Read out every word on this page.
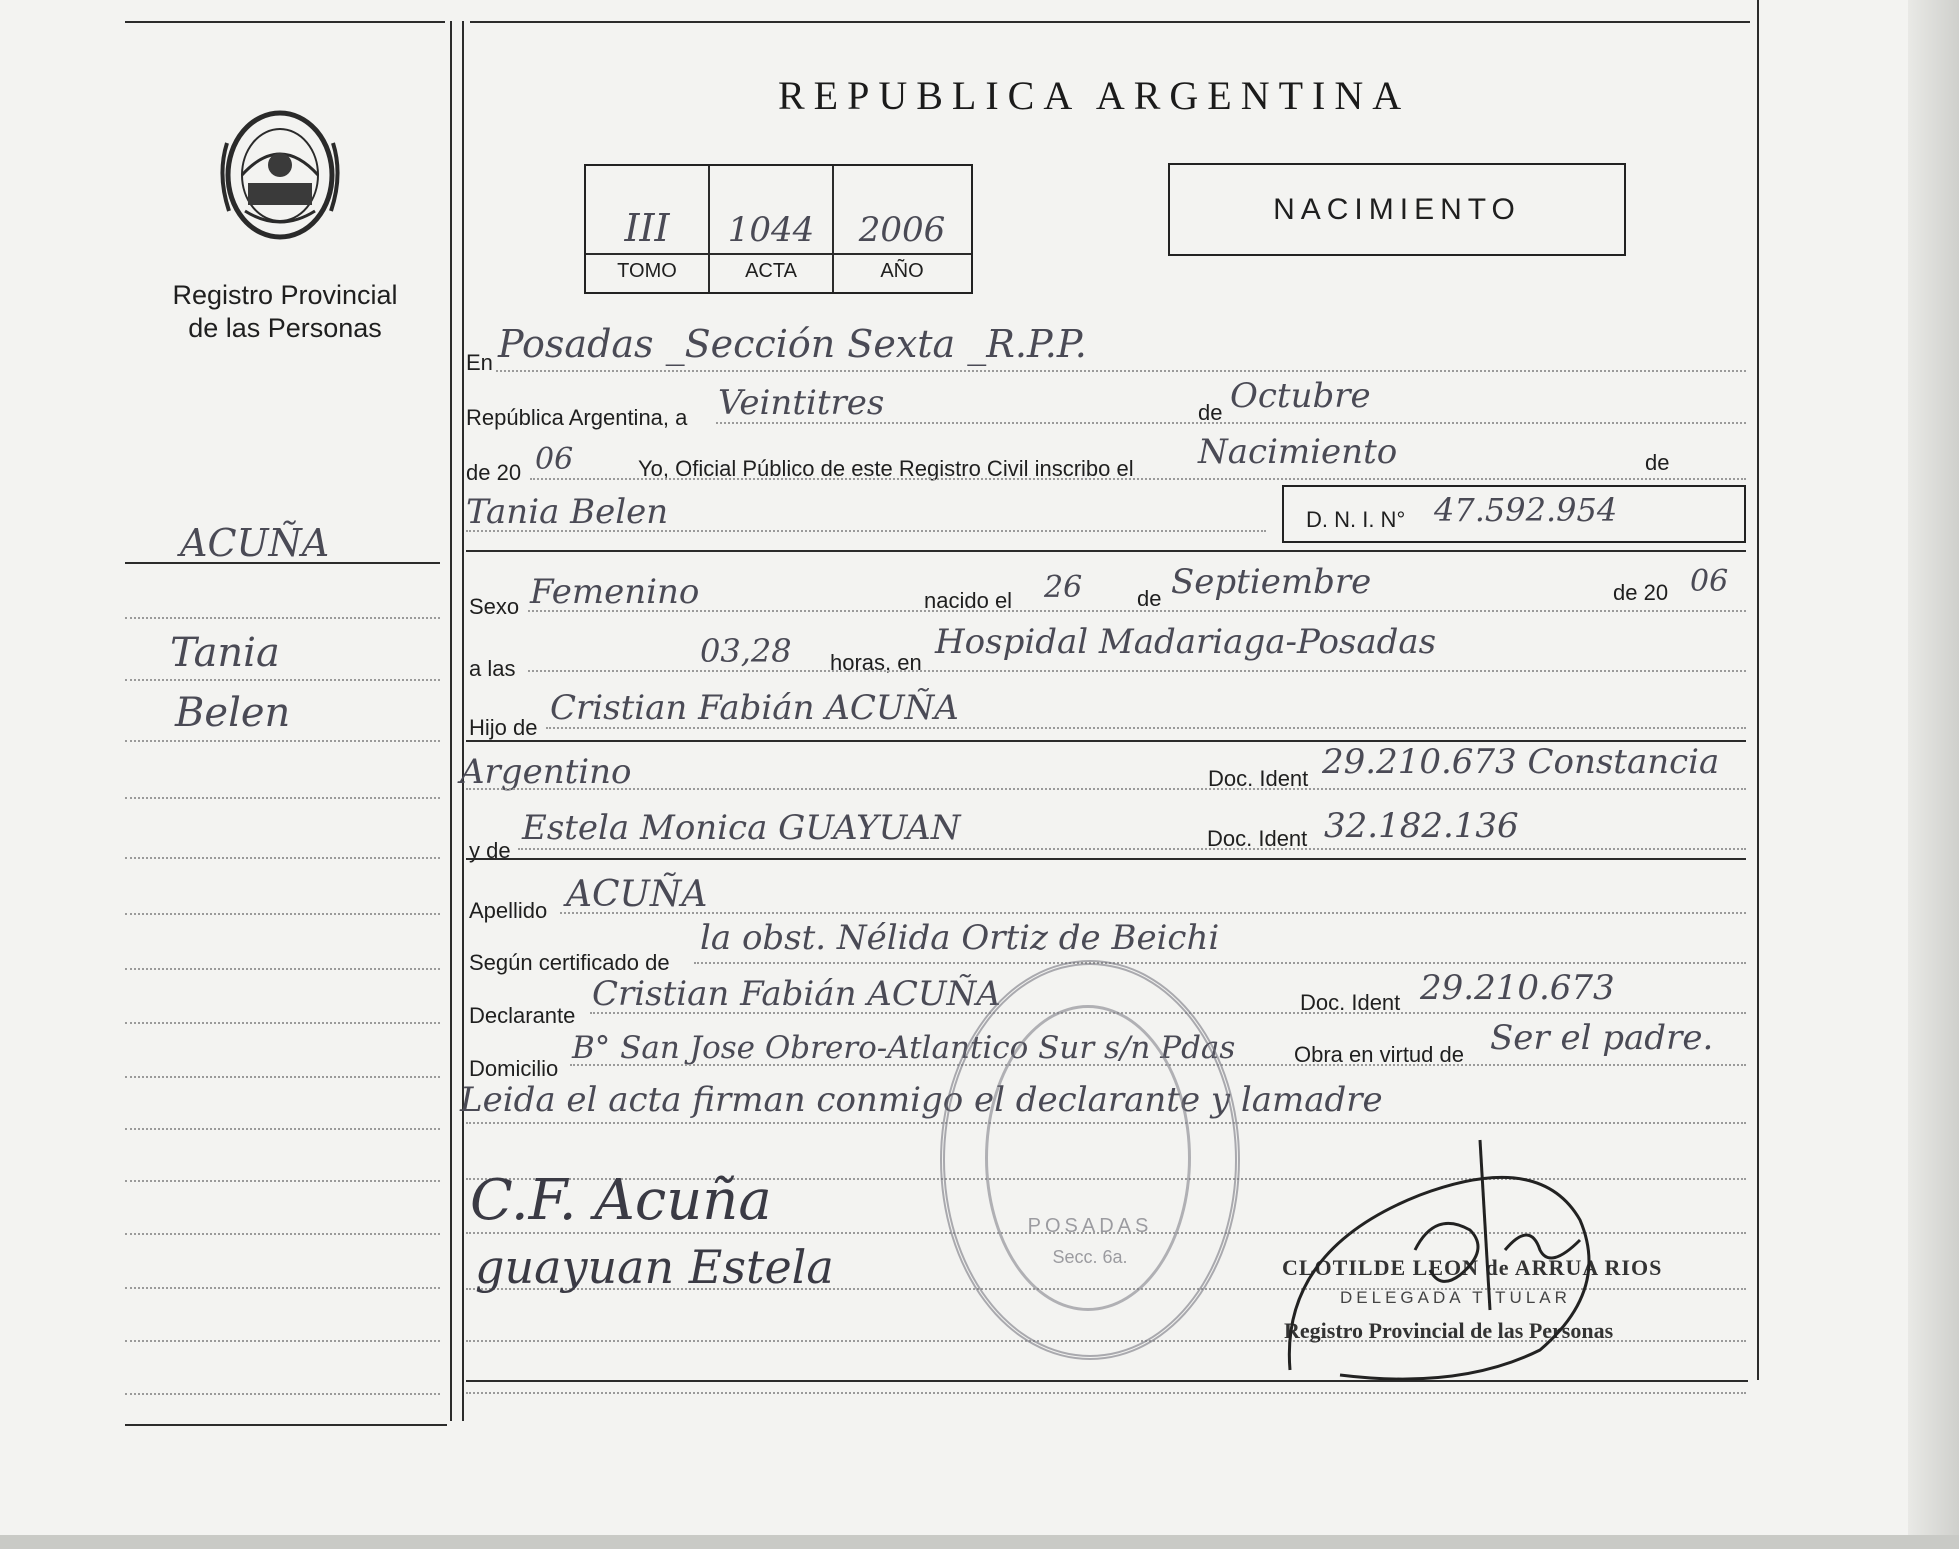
Registro Provincial
de las Personas
ACUÑA
Tania
Belen
REPUBLICA ARGENTINA
III	1044	2006
TOMO	ACTA	AÑO
NACIMIENTO
En Posadas _Sección Sexta _R.P.P.
República Argentina, a Veintitres	de Octubre
de 20 06	Yo, Oficial Público de este Registro Civil inscribo el Nacimiento	de
Tania Belen	D. N. I. N° 47.592.954
Sexo Femenino	nacido el 26 de Septiembre	de 20 06
a las	03,28 horas, en
Hospidal Madariaga-Posadas
Hijo de Cristian Fabián ACUÑA
Argentino	Doc. Ident 29.210.673 Constancia
y de
Estela Monica GUAYUAN	Doc. Ident 32.182.136
Apellido ACUÑA
Según certificado de
la obst. Nélida Ortiz de Beichi
Declarante
Cristian Fabián ACUÑA	Doc. Ident 29.210.673
Domicilio
B° San Jose Obrero-Atlantico Sur s/n Pdas	Obra en virtud de Ser el padre.
Leida el acta firman conmigo el declarante y lamadre
C.F. Acuña
guayuan Estela
POSADAS
Secc. 6a.	CLOTILDE LEON de ARRUA RIOS
DELEGADA TITULAR
Registro Provincial de las Personas
